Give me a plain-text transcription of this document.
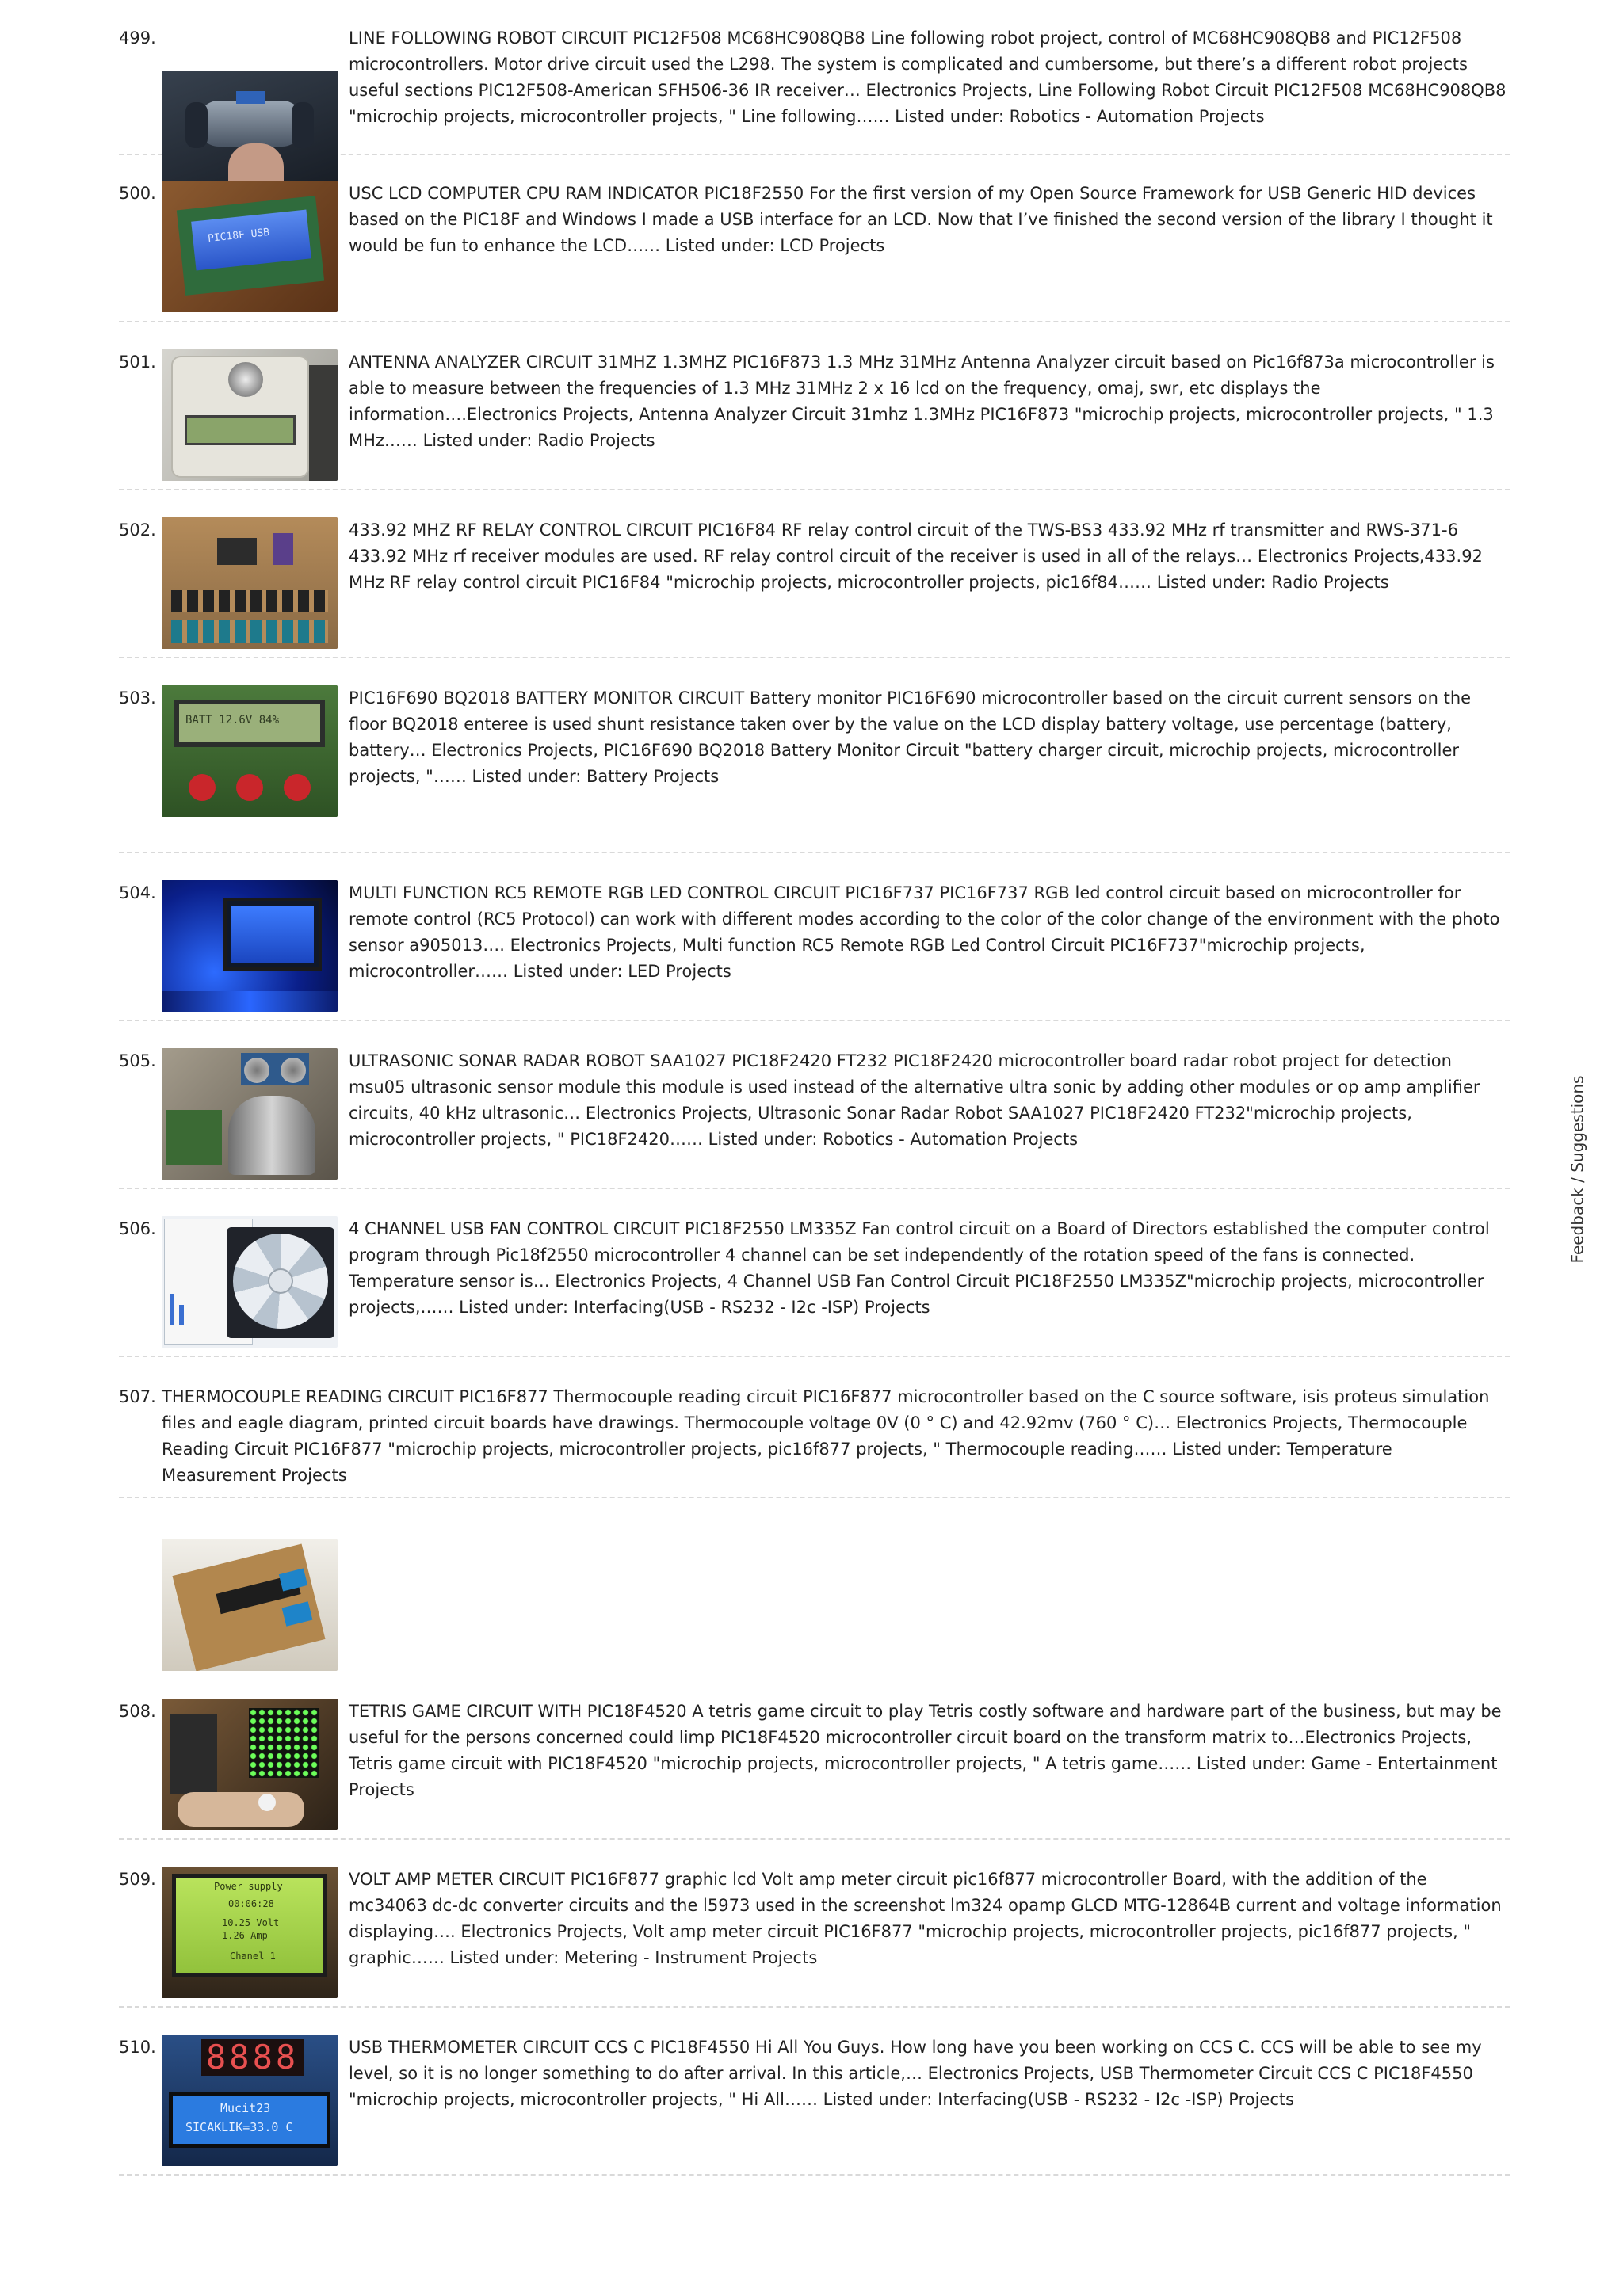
499.	LINE FOLLOWING ROBOT CIRCUIT PIC12F508 MC68HC908QB8 Line following robot project, control of MC68HC908QB8 and PIC12F508 microcontrollers. Motor drive circuit used the L298. The system is complicated and cumbersome, but there’s a different robot projects useful sections PIC12F508-American SFH506-36 IR receiver… Electronics Projects, Line Following Robot Circuit PIC12F508 MC68HC908QB8 "microchip projects, microcontroller projects, " Line following…… Listed under: Robotics - Automation Projects

500.
PIC18F USB

USC LCD COMPUTER CPU RAM INDICATOR PIC18F2550 For the first version of my Open Source Framework for USB Generic HID devices based on the PIC18F and Windows I made a USB interface for an LCD. Now that I’ve finished the second version of the library I thought it would be fun to enhance the LCD…… Listed under: LCD Projects

501.	ANTENNA ANALYZER CIRCUIT 31MHZ 1.3MHZ PIC16F873 1.3 MHz 31MHz Antenna Analyzer circuit based on Pic16f873a microcontroller is able to measure between the frequencies of 1.3 MHz 31MHz 2 x 16 lcd on the frequency, omaj, swr, etc displays the information….Electronics Projects, Antenna Analyzer Circuit 31mhz 1.3MHz PIC16F873 "microchip projects, microcontroller projects, " 1.3 MHz…… Listed under: Radio Projects

502.	433.92 MHZ RF RELAY CONTROL CIRCUIT PIC16F84 RF relay control circuit of the TWS-BS3 433.92 MHz rf transmitter and RWS-371-6 433.92 MHz rf receiver modules are used. RF relay control circuit of the receiver is used in all of the relays… Electronics Projects,433.92 MHz RF relay control circuit PIC16F84 "microchip projects, microcontroller projects, pic16f84…… Listed under: Radio Projects

503.
BATT 12.6V 84%

PIC16F690 BQ2018 BATTERY MONITOR CIRCUIT Battery monitor PIC16F690 microcontroller based on the circuit current sensors on the floor BQ2018 enteree is used shunt resistance taken over by the value on the LCD display battery voltage, use percentage (battery, battery… Electronics Projects, PIC16F690 BQ2018 Battery Monitor Circuit "battery charger circuit, microchip projects, microcontroller projects, "…… Listed under: Battery Projects

504.	MULTI FUNCTION RC5 REMOTE RGB LED CONTROL CIRCUIT PIC16F737 PIC16F737 RGB led control circuit based on microcontroller for remote control (RC5 Protocol) can work with different modes according to the color of the color change of the environment with the photo sensor a905013…. Electronics Projects, Multi function RC5 Remote RGB Led Control Circuit PIC16F737"microchip projects, microcontroller…… Listed under: LED Projects

505.	ULTRASONIC SONAR RADAR ROBOT SAA1027 PIC18F2420 FT232 PIC18F2420 microcontroller board radar robot project for detection msu05 ultrasonic sensor module this module is used instead of the alternative ultra sonic by adding other modules or op amp amplifier circuits, 40 kHz ultrasonic… Electronics Projects, Ultrasonic Sonar Radar Robot SAA1027 PIC18F2420 FT232"microchip projects, microcontroller projects, " PIC18F2420…… Listed under: Robotics - Automation Projects

506.	4 CHANNEL USB FAN CONTROL CIRCUIT PIC18F2550 LM335Z Fan control circuit on a Board of Directors established the computer control program through Pic18f2550 microcontroller 4 channel can be set independently of the rotation speed of the fans is connected. Temperature sensor is… Electronics Projects, 4 Channel USB Fan Control Circuit PIC18F2550 LM335Z"microchip projects, microcontroller projects,…… Listed under: Interfacing(USB - RS232 - I2c -ISP) Projects

507. THERMOCOUPLE READING CIRCUIT PIC16F877 Thermocouple reading circuit PIC16F877 microcontroller based on the C source software, isis proteus simulation files and eagle diagram, printed circuit boards have drawings. Thermocouple voltage 0V (0 ° C) and 42.92mv (760 ° C)… Electronics Projects, Thermocouple Reading Circuit PIC16F877 "microchip projects, microcontroller projects, pic16f877 projects, " Thermocouple reading…… Listed under: Temperature Measurement Projects

508.	TETRIS GAME CIRCUIT WITH PIC18F4520 A tetris game circuit to play Tetris costly software and hardware part of the business, but may be useful for the persons concerned could limp PIC18F4520 microcontroller circuit board on the transform matrix to…Electronics Projects, Tetris game circuit with PIC18F4520 "microchip projects, microcontroller projects, " A tetris game…… Listed under: Game - Entertainment Projects

509.	Power supply
00:06:28
10.25 Volt
1.26 Amp
Chanel 1

VOLT AMP METER CIRCUIT PIC16F877 graphic lcd Volt amp meter circuit pic16f877 microcontroller Board, with the addition of the mc34063 dc-dc converter circuits and the l5973 used in the screenshot lm324 opamp GLCD MTG-12864B current and voltage information displaying…. Electronics Projects, Volt amp meter circuit PIC16F877 "microchip projects, microcontroller projects, pic16f877 projects, " graphic…… Listed under: Metering - Instrument Projects

510. 8888
Mucit23
SICAKLIK=33.0 C

USB THERMOMETER CIRCUIT CCS C PIC18F4550 Hi All You Guys. How long have you been working on CCS C. CCS will be able to see my level, so it is no longer something to do after arrival. In this article,… Electronics Projects, USB Thermometer Circuit CCS C PIC18F4550 "microchip projects, microcontroller projects, " Hi All…… Listed under: Interfacing(USB - RS232 - I2c -ISP) Projects

Feedback / Suggestions
